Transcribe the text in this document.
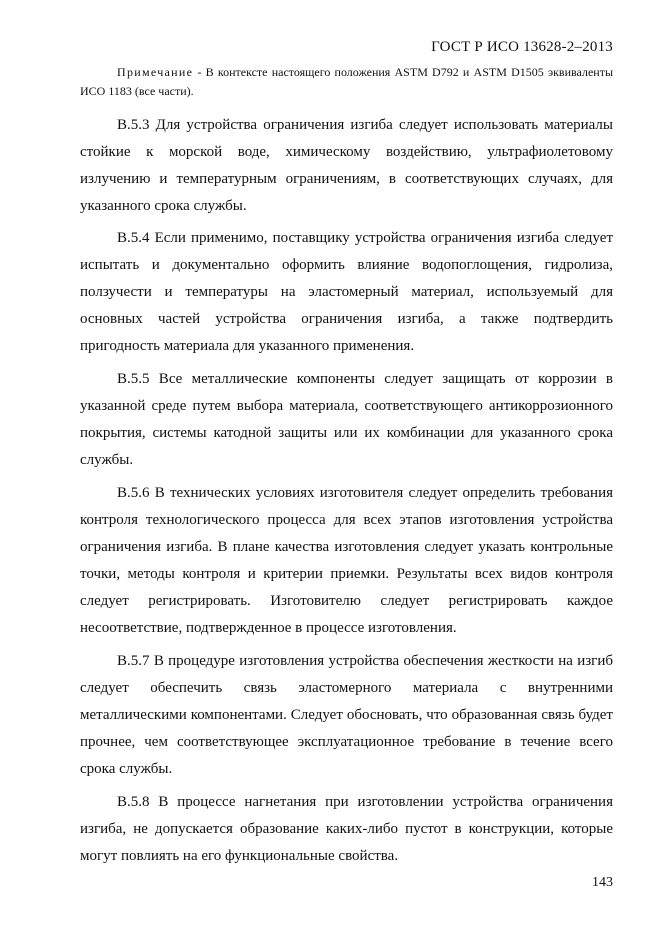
ГОСТ Р ИСО 13628-2–2013
Примечание - В контексте настоящего положения ASTM D792 и ASTM D1505 эквиваленты ИСО 1183 (все части).

В.5.3 Для устройства ограничения изгиба следует использовать материалы стойкие к морской воде, химическому воздействию, ультрафиолетовому излучению и температурным ограничениям, в соответствующих случаях, для указанного срока службы.

В.5.4 Если применимо, поставщику устройства ограничения изгиба следует испытать и документально оформить влияние водопоглощения, гидролиза, ползучести и температуры на эластомерный материал, используемый для основных частей устройства ограничения изгиба, а также подтвердить пригодность материала для указанного применения.

В.5.5 Все металлические компоненты следует защищать от коррозии в указанной среде путем выбора материала, соответствующего антикоррозионного покрытия, системы катодной защиты или их комбинации для указанного срока службы.

В.5.6 В технических условиях изготовителя следует определить требования контроля технологического процесса для всех этапов изготовления устройства ограничения изгиба. В плане качества изготовления следует указать контрольные точки, методы контроля и критерии приемки. Результаты всех видов контроля следует регистрировать. Изготовителю следует регистрировать каждое несоответствие, подтвержденное в процессе изготовления.

В.5.7 В процедуре изготовления устройства обеспечения жесткости на изгиб следует обеспечить связь эластомерного материала с внутренними металлическими компонентами. Следует обосновать, что образованная связь будет прочнее, чем соответствующее эксплуатационное требование в течение всего срока службы.

В.5.8 В процессе нагнетания при изготовлении устройства ограничения изгиба, не допускается образование каких-либо пустот в конструкции, которые могут повлиять на его функциональные свойства.

143
